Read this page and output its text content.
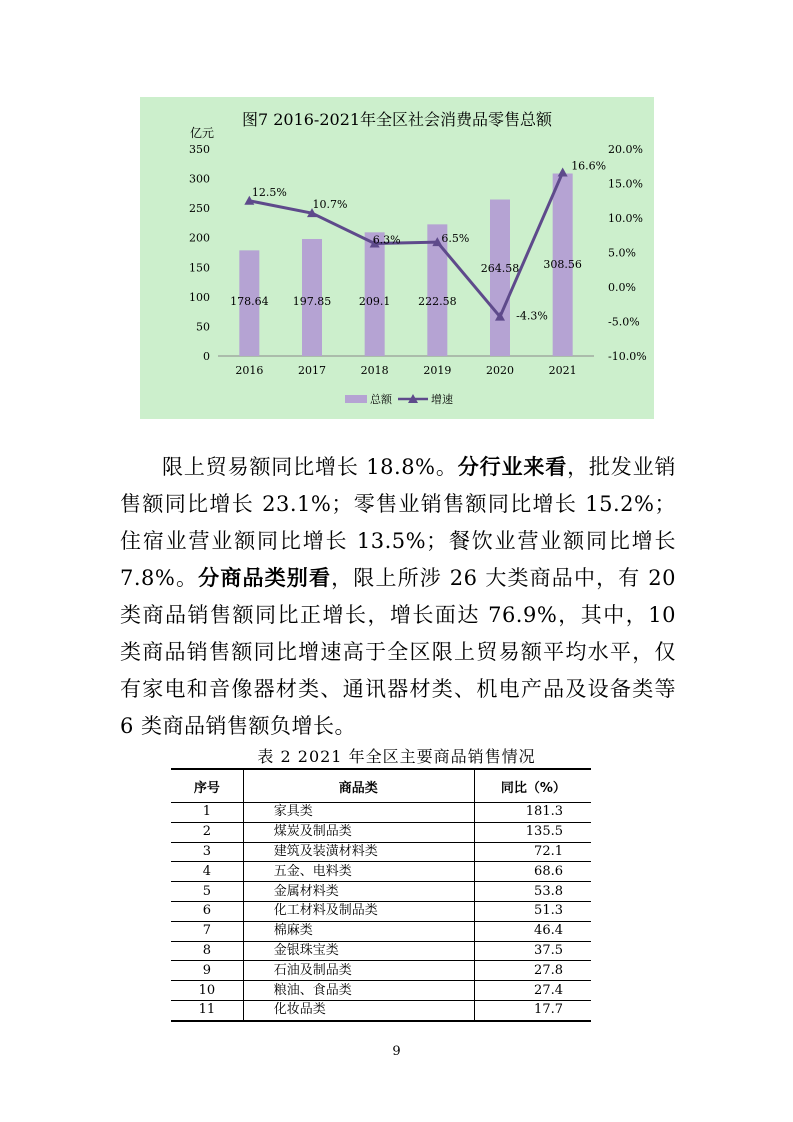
亿元
0
50
100
150
200
250
300
350
-10.0%
-5.0%
0.0%
5.0%
10.0%
15.0%
20.0%
2016	2017	2018	2019	2020	2021
178.64 197.85	209.1	222.58
264.58 308.56
12.5%
10.7%
6.3%	6.5%
-4.3%
16.6%
总额	增速
图7 2016-2021年全区社会消费品零售总额

限上贸易额同比增长 18.8%。分行业来看，批发业销售额同比增长 23.1%；零售业销售额同比增长 15.2%；住宿业营业额同比增长 13.5%；餐饮业营业额同比增长 7.8%。分商品类别看，限上所涉 26 大类商品中，有 20 类商品销售额同比正增长，增长面达 76.9%，其中，10 类商品销售额同比增速高于全区限上贸易额平均水平，仅有家电和音像器材类、通讯器材类、机电产品及设备类等 6 类商品销售额负增长。

表 2 2021 年全区主要商品销售情况
序号	商品类	同比（%）
1	家具类	181.3
2	煤炭及制品类	135.5
3	建筑及装潢材料类	72.1
4	五金、电料类	68.6
5	金属材料类	53.8
6	化工材料及制品类	51.3
7	棉麻类	46.4
8	金银珠宝类	37.5
9	石油及制品类	27.8
10	粮油、食品类	27.4
11	化妆品类	17.7
9
